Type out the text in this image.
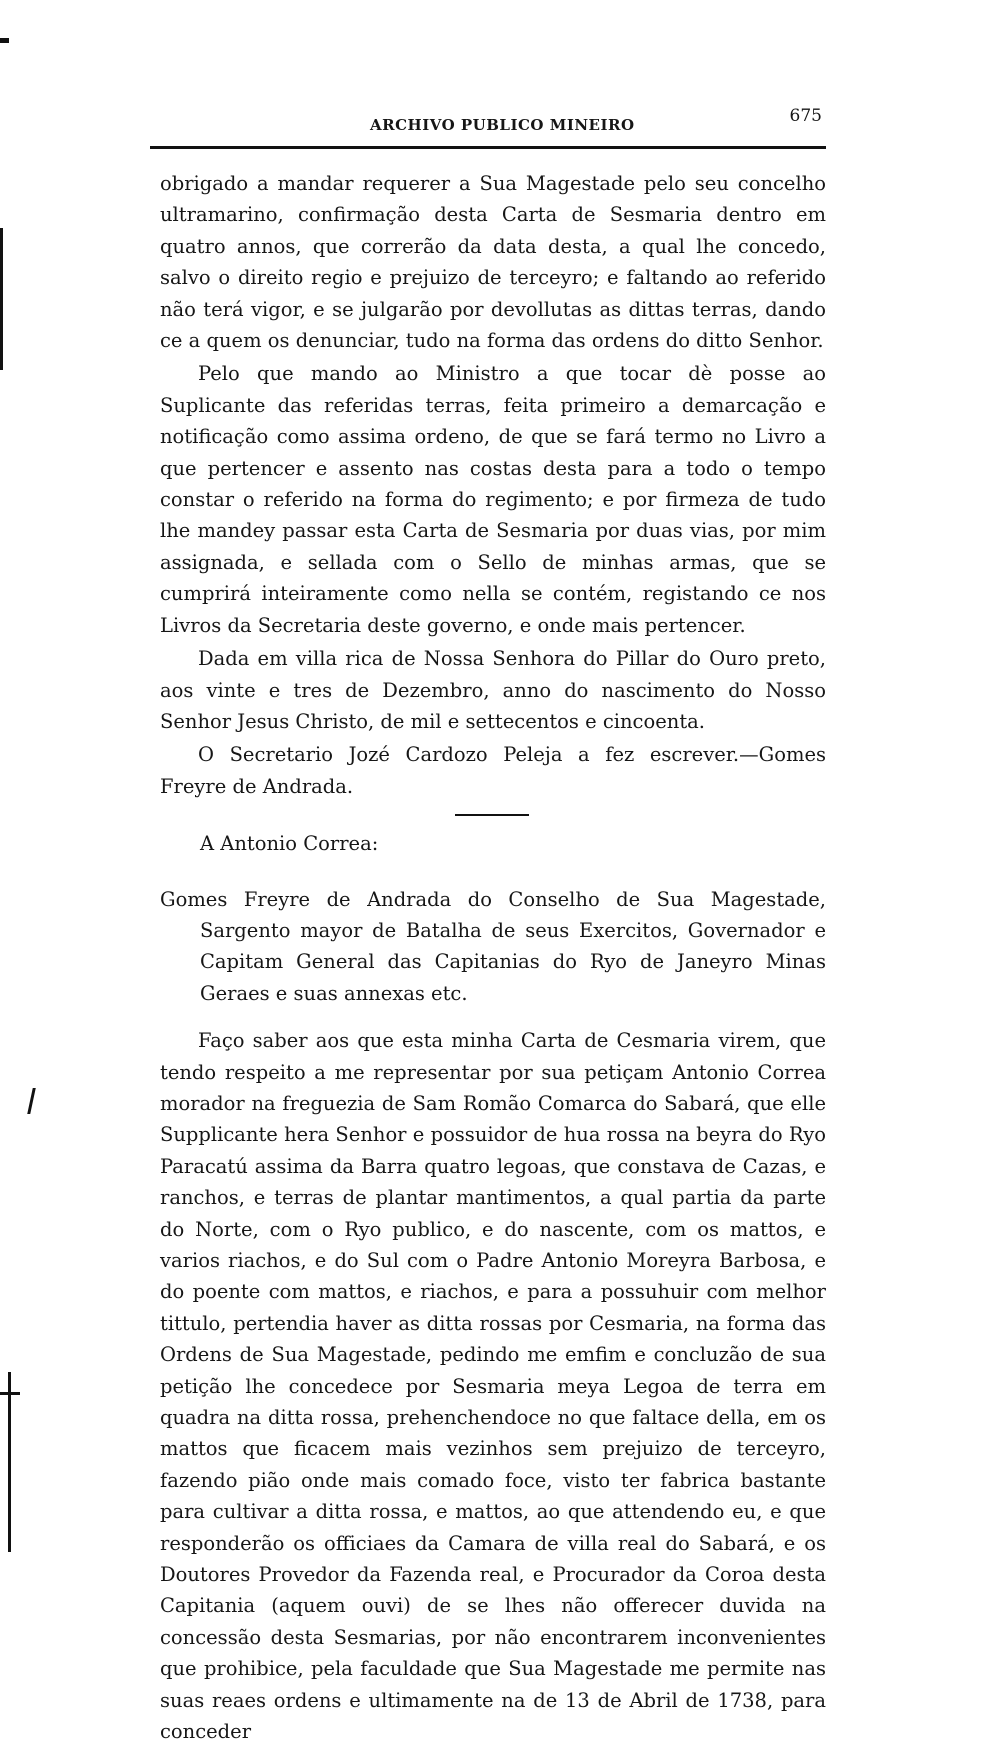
ARCHIVO PUBLICO MINEIRO	675

obrigado a mandar requerer a Sua Magestade pelo seu concelho ultramarino, confirmação desta Carta de Sesmaria dentro em quatro annos, que correrão da data desta, a qual lhe concedo, salvo o direito regio e prejuizo de terceyro; e faltando ao referido não terá vigor, e se julgarão por devollutas as dittas terras, dando ce a quem os denunciar, tudo na forma das ordens do ditto Senhor.

Pelo que mando ao Ministro a que tocar dè posse ao Suplicante das referidas terras, feita primeiro a demarcação e notificação como assima ordeno, de que se fará termo no Livro a que pertencer e assento nas costas desta para a todo o tempo constar o referido na forma do regimento; e por firmeza de tudo lhe mandey passar esta Carta de Sesmaria por duas vias, por mim assignada, e sellada com o Sello de minhas armas, que se cumprirá inteiramente como nella se contém, registando ce nos Livros da Secretaria deste governo, e onde mais pertencer.

Dada em villa rica de Nossa Senhora do Pillar do Ouro preto, aos vinte e tres de Dezembro, anno do nascimento do Nosso Senhor Jesus Christo, de mil e settecentos e cincoenta.

O Secretario Jozé Cardozo Peleja a fez escrever.—Gomes Freyre de Andrada.

A Antonio Correa:

Gomes Freyre de Andrada do Conselho de Sua Magestade, Sargento mayor de Batalha de seus Exercitos, Governador e Capitam General das Capitanias do Ryo de Janeyro Minas Geraes e suas annexas etc.

Faço saber aos que esta minha Carta de Cesmaria virem, que tendo respeito a me representar por sua petiçam Antonio Correa morador na freguezia de Sam Romão Comarca do Sabará, que elle Supplicante hera Senhor e possuidor de hua rossa na beyra do Ryo Paracatú assima da Barra quatro legoas, que constava de Cazas, e ranchos, e terras de plantar mantimentos, a qual partia da parte do Norte, com o Ryo publico, e do nascente, com os mattos, e varios riachos, e do Sul com o Padre Antonio Moreyra Barbosa, e do poente com mattos, e riachos, e para a possuhuir com melhor tittulo, pertendia haver as ditta rossas por Cesmaria, na forma das Ordens de Sua Magestade, pedindo me emfim e concluzão de sua petição lhe concedece por Sesmaria meya Legoa de terra em quadra na ditta rossa, prehenchendoce no que faltace della, em os mattos que ficacem mais vezinhos sem prejuizo de terceyro, fazendo pião onde mais comado foce, visto ter fabrica bastante para cultivar a ditta rossa, e mattos, ao que attendendo eu, e que responderão os officiaes da Camara de villa real do Sabará, e os Doutores Provedor da Fazenda real, e Procurador da Coroa desta Capitania (aquem ouvi) de se lhes não offerecer duvida na concessão desta Sesmarias, por não encontrarem inconvenientes que prohibice, pela faculdade que Sua Magestade me permite nas suas reaes ordens e ultimamente na de 13 de Abril de 1738, para conceder
